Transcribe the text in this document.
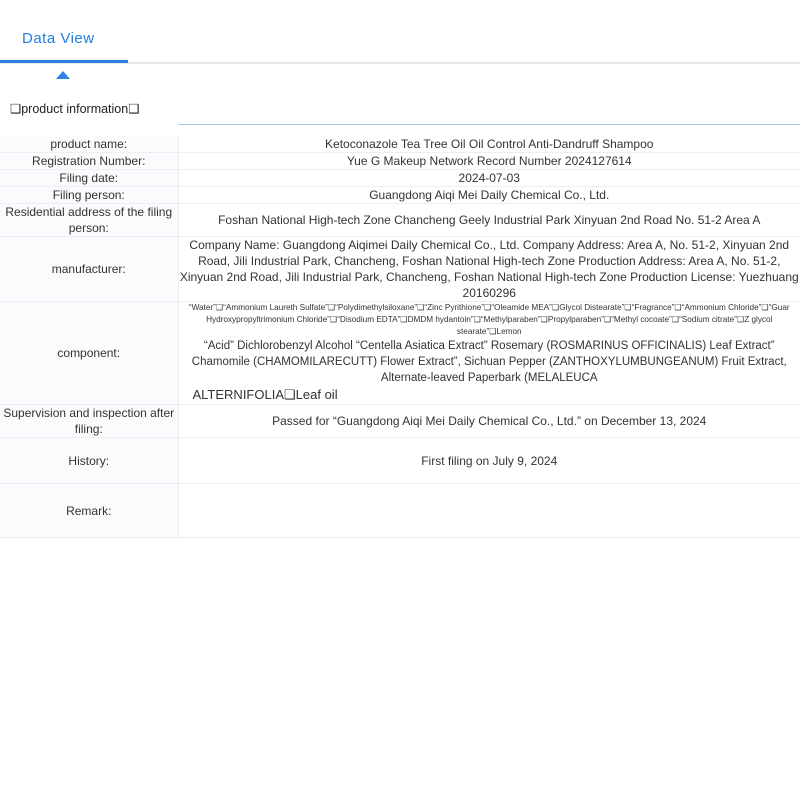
Data View
❑product information❑
product name:	Ketoconazole Tea Tree Oil Oil Control Anti-Dandruff Shampoo
Registration Number:	Yue G Makeup Network Record Number 2024127614
Filing date:	2024-07-03
Filing person:	Guangdong Aiqi Mei Daily Chemical Co., Ltd.
Residential address of the filing person:	Foshan National High-tech Zone Chancheng Geely Industrial Park Xinyuan 2nd Road No. 51-2 Area A
manufacturer:	Company Name: Guangdong Aiqimei Daily Chemical Co., Ltd. Company Address: Area A, No. 51-2, Xinyuan 2nd Road, Jili Industrial Park, Chancheng, Foshan National High-tech Zone Production Address: Area A, No. 51-2, Xinyuan 2nd Road, Jili Industrial Park, Chancheng, Foshan National High-tech Zone Production License: Yuezhuang 20160296
component:	“Water”❑“Ammonium Laureth Sulfate”❑“Polydimethylsiloxane”❑“Zinc Pyrithione”❑“Oleamide MEA”❑Glycol Distearate”❑“Fragrance”❑“Ammonium Chloride”❑“Guar Hydroxypropyltrimonium Chloride”❑“Disodium EDTA”❑DMDM hydantoin”❑“Methylparaben”❑Propylparaben”❑“Methyl cocoate”❑“Sodium citrate”❑Z glycol stearate”❑Lemon
“Acid” Dichlorobenzyl Alcohol “Centella Asiatica Extract” Rosemary (ROSMARINUS OFFICINALIS) Leaf Extract” Chamomile (CHAMOMILARECUTT) Flower Extract”, Sichuan Pepper (ZANTHOXYLUMBUNGEANUM) Fruit Extract, Alternate-leaved Paperbark (MELALEUCA
ALTERNIFOLIA❑Leaf oil

Supervision and inspection after filing:	Passed for “Guangdong Aiqi Mei Daily Chemical Co., Ltd.” on December 13, 2024
History:	First filing on July 9, 2024
Remark:	
